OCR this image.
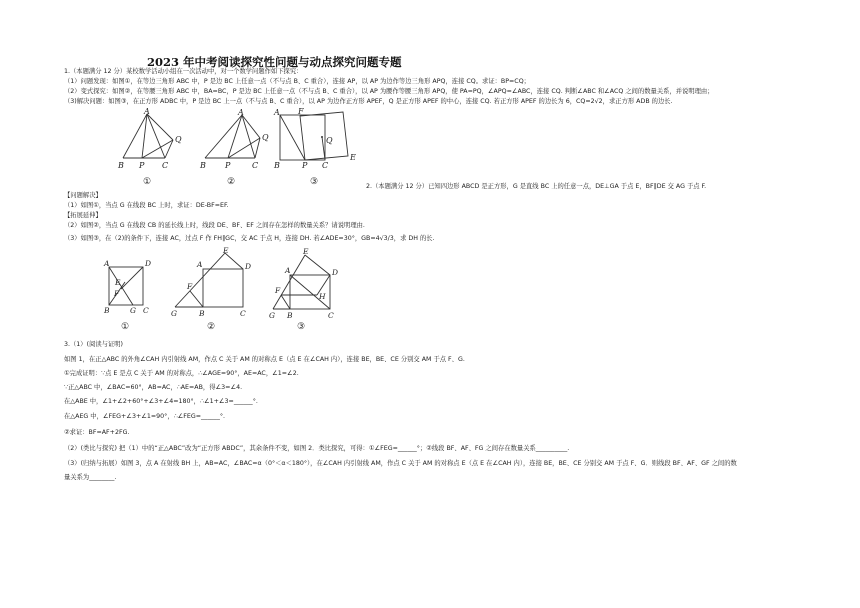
2023 年中考阅读探究性问题与动点探究问题专题
1.（本题满分 12 分）某校数学活动小组在一次活动中，对一个数学问题作如下探究：
（1）问题发现：如图①，在等边三角形 ABC 中，P 是边 BC 上任意一点（不与点 B、C 重合），连接 AP，以 AP 为边作等边三角形 APQ，连接 CQ。求证：BP=CQ；
（2）变式探究：如图②，在等腰三角形 ABC 中，BA=BC，P 是边 BC 上任意一点（不与点 B、C 重合），以 AP 为腰作等腰三角形 APQ，使 PA=PQ，∠APQ=∠ABC，连接 CQ. 判断∠ABC 和∠ACQ 之间的数量关系，并说明理由；
（3)解决问题：如图③，在正方形 ADBC 中，P 是边 BC 上一点（不与点 B、C 重合），以 AP 为边作正方形 APEF，Q 是正方形 APEF 的中心，连接 CQ. 若正方形 APEF 的边长为 6，CQ=2√2，求正方形 ADB 的边长.
A
B P C
Q
A
B P	C
Q
A F
Q
E
B	P C
①	②	③	2.（本题满分 12 分）已知四边形 ABCD 是正方形，G 是直线 BC 上的任意一点，DE⊥GA 于点 E，BF∥DE 交 AG 于点 F.
【问题解决】
（1）如图①，当点 G 在线段 BC 上时，求证：DE-BF=EF.
【拓展延伸】
（2）如图②，当点 G 在线段 CB 的延长线上时，线段 DE、BF、EF 之间存在怎样的数量关系？请说明理由.
（3）如图③，在（2)的条件下，连接 AC，过点 F 作 FH∥GC，交 AC 于点 H，连接 DH. 若∠ADE=30°，GB=4√3/3，求 DH 的长.
A	D
E
F
B	G C
E
F
A	D
G	B	C
E
A	D
F
H
G B	C
①	②	③
3.（1）(阅读与证明)
如图 1，在正△ABC 的外角∠CAH 内引射线 AM，作点 C 关于 AM 的对称点 E（点 E 在∠CAH 内），连接 BE，BE、CE 分别交 AM 于点 F、G.
①完成证明：∵点 E 是点 C 关于 AM 的对称点，∴∠AGE=90°，AE=AC，∠1=∠2.
∵正△ABC 中，∠BAC=60°，AB=AC，∴AE=AB，得∠3=∠4.
在△ABE 中，∠1+∠2+60°+∠3+∠4=180°，∴∠1+∠3=______°.
在△AEG 中，∠FEG+∠3+∠1=90°，∴∠FEG=______°.
②求证：BF=AF+2FG.
（2）(类比与探究) 把（1）中的“正△ABC”改为“正方形 ABDC”，其余条件不变，如图 2．类比探究，可得：①∠FEG=______°；②线段 BF、AF、FG 之间存在数量关系__________.
（3）(归纳与拓展）如图 3，点 A 在射线 BH 上，AB=AC，∠BAC=α（0°＜α＜180°），在∠CAH 内引射线 AM，作点 C 关于 AM 的对称点 E（点 E 在∠CAH 内），连接 BE，BE、CE 分别交 AM 于点 F、G．则线段 BF、AF、GF 之间的数
量关系为________.
